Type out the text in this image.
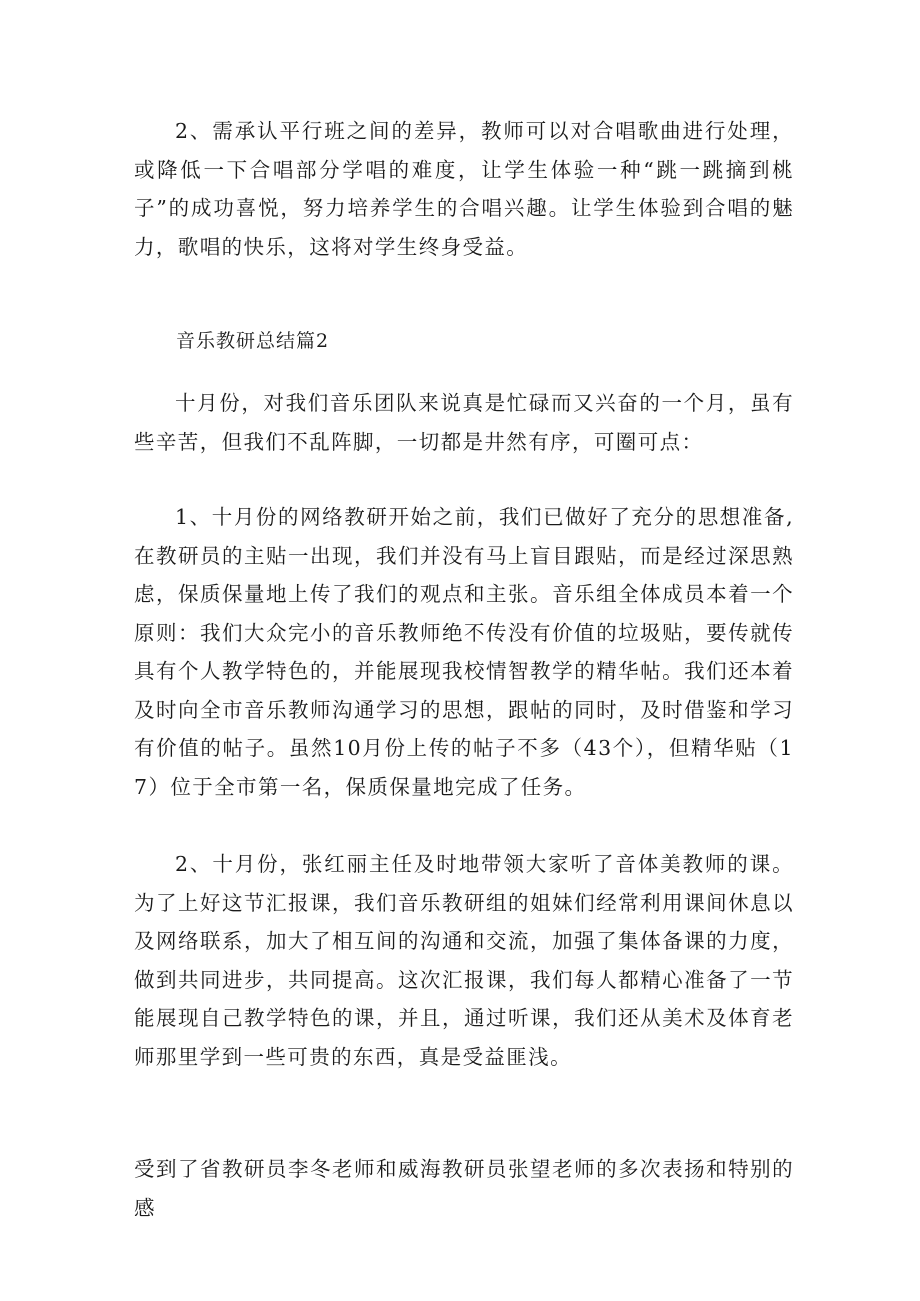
2、需承认平行班之间的差异，教师可以对合唱歌曲进行处理，或降低一下合唱部分学唱的难度，让学生体验一种“跳一跳摘到桃子”的成功喜悦，努力培养学生的合唱兴趣。让学生体验到合唱的魅力，歌唱的快乐，这将对学生终身受益。

音乐教研总结篇2

十月份，对我们音乐团队来说真是忙碌而又兴奋的一个月，虽有些辛苦，但我们不乱阵脚，一切都是井然有序，可圈可点：

1、十月份的网络教研开始之前，我们已做好了充分的思想准备,在教研员的主贴一出现，我们并没有马上盲目跟贴，而是经过深思熟虑，保质保量地上传了我们的观点和主张。音乐组全体成员本着一个原则：我们大众完小的音乐教师绝不传没有价值的垃圾贴，要传就传具有个人教学特色的，并能展现我校情智教学的精华帖。我们还本着及时向全市音乐教师沟通学习的思想，跟帖的同时，及时借鉴和学习有价值的帖子。虽然10月份上传的帖子不多（43个），但精华贴（17）位于全市第一名，保质保量地完成了任务。

2、十月份，张红丽主任及时地带领大家听了音体美教师的课。为了上好这节汇报课，我们音乐教研组的姐妹们经常利用课间休息以及网络联系，加大了相互间的沟通和交流，加强了集体备课的力度，做到共同进步，共同提高。这次汇报课，我们每人都精心准备了一节能展现自己教学特色的课，并且，通过听课，我们还从美术及体育老师那里学到一些可贵的东西，真是受益匪浅。

受到了省教研员李冬老师和威海教研员张望老师的多次表扬和特别的感
